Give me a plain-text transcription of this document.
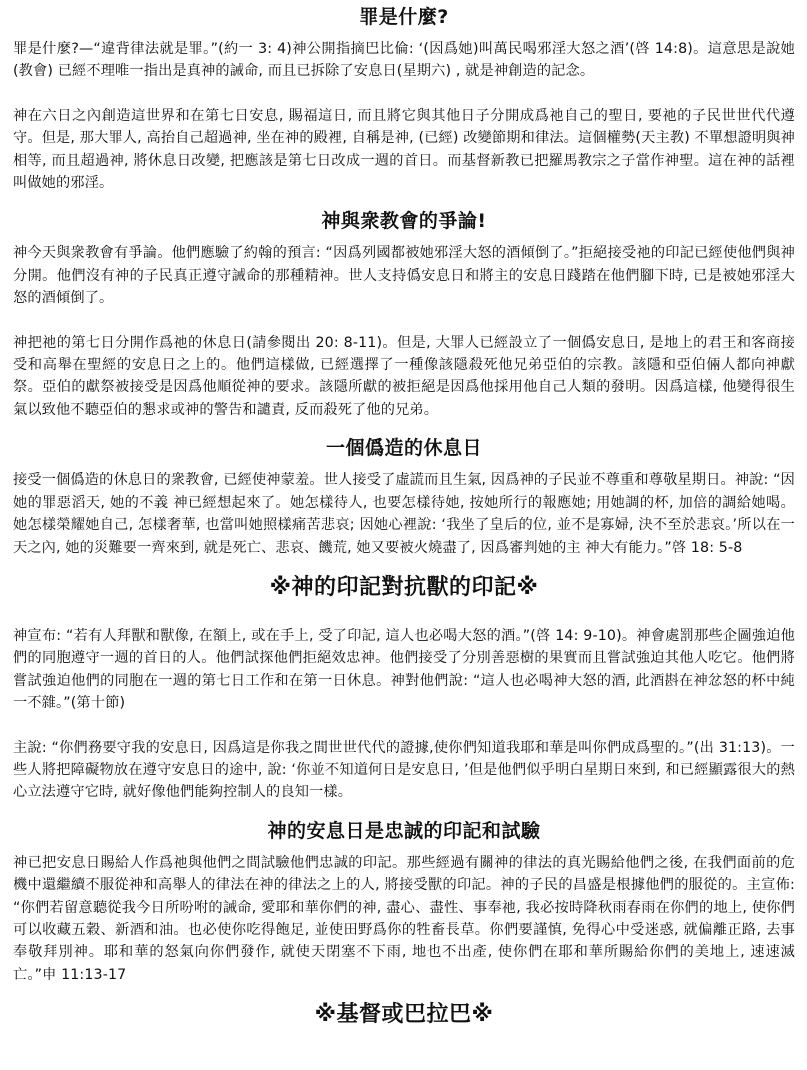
罪是什麼?

罪是什麼?—“違背律法就是罪。”(約一 3: 4)神公開指摘巴比倫: ‘(因爲她)叫萬民喝邪淫大怒之酒’(啓 14:8)。這意思是說她(教會) 已經不理唯一指出是真神的誡命, 而且已拆除了安息日(星期六) , 就是神創造的記念。

神在六日之內創造這世界和在第七日安息, 賜福這日, 而且將它與其他日子分開成爲祂自己的聖日, 要祂的子民世世代代遵守。但是, 那大罪人, 高抬自己超過神, 坐在神的殿裡, 自稱是神, (已經) 改變節期和律法。這個權勢(天主教) 不單想證明與神相等, 而且超過神, 將休息日改變, 把應該是第七日改成一週的首日。而基督新教已把羅馬教宗之子當作神聖。這在神的話裡叫做她的邪淫。

神與衆教會的爭論!

神今天與衆教會有爭論。他們應驗了約翰的預言: “因爲列國都被她邪淫大怒的酒傾倒了。”拒絕接受祂的印記已經使他們與神分開。他們沒有神的子民真正遵守誡命的那種精神。世人支持僞安息日和將主的安息日踐踏在他們腳下時, 已是被她邪淫大怒的酒傾倒了。

神把祂的第七日分開作爲祂的休息日(請參閱出 20: 8-11)。但是, 大罪人已經設立了一個僞安息日, 是地上的君王和客商接受和高舉在聖經的安息日之上的。他們這樣做, 已經選擇了一種像該隱殺死他兄弟亞伯的宗教。該隱和亞伯倆人都向神獻祭。亞伯的獻祭被接受是因爲他順從神的要求。該隱所獻的被拒絕是因爲他採用他自己人類的發明。因爲這樣, 他變得很生氣以致他不聽亞伯的懇求或神的警告和譴責, 反而殺死了他的兄弟。

一個僞造的休息日

接受一個僞造的休息日的衆教會, 已經使神蒙羞。世人接受了虛謊而且生氣, 因爲神的子民並不尊重和尊敬星期日。神說: “因她的罪惡滔天, 她的不義 神已經想起來了。她怎樣待人, 也要怎樣待她, 按她所行的報應她; 用她調的杯, 加倍的調給她喝。她怎樣榮耀她自己, 怎樣奢華, 也當叫她照樣痛苦悲哀; 因她心裡說: ‘我坐了皇后的位, 並不是寡婦, 決不至於悲哀。’所以在一天之內, 她的災難要一齊來到, 就是死亡、悲哀、饑荒, 她又要被火燒盡了, 因爲審判她的主 神大有能力。”啓 18: 5-8

※神的印記對抗獸的印記※

神宣布: “若有人拜獸和獸像, 在額上, 或在手上, 受了印記, 這人也必喝大怒的酒。”(啓 14: 9-10)。神會處罰那些企圖強迫他們的同胞遵守一週的首日的人。他們試探他們拒絕效忠神。他們接受了分別善惡樹的果實而且嘗試強迫其他人吃它。他們將嘗試強迫他們的同胞在一週的第七日工作和在第一日休息。神對他們說: “這人也必喝神大怒的酒, 此酒斟在神忿怒的杯中純一不雜。”(第十節)

主說: “你們務要守我的安息日, 因爲這是你我之間世世代代的證據,使你們知道我耶和華是叫你們成爲聖的。”(出 31:13)。一些人將把障礙物放在遵守安息日的途中, 說: ‘你並不知道何日是安息日, ’但是他們似乎明白星期日來到, 和已經顯露很大的熱心立法遵守它時, 就好像他們能夠控制人的良知一樣。

神的安息日是忠誠的印記和試驗

神已把安息日賜給人作爲祂與他們之間試驗他們忠誠的印記。那些經過有關神的律法的真光賜給他們之後, 在我們面前的危機中還繼續不服從神和高舉人的律法在神的律法之上的人, 將接受獸的印記。神的子民的昌盛是根據他們的服從的。主宣佈: “你們若留意聽從我今日所吩咐的誡命, 愛耶和華你們的神, 盡心、盡性、事奉祂, 我必按時降秋雨春雨在你們的地上, 使你們可以收藏五穀、新酒和油。也必使你吃得飽足, 並使田野爲你的牲畜長草。你們要謹慎, 免得心中受迷惑, 就偏離正路, 去事奉敬拜別神。耶和華的怒氣向你們發作, 就使天閉塞不下雨, 地也不出產, 使你們在耶和華所賜給你們的美地上, 速速滅亡。”申 11:13-17

※基督或巴拉巴※
